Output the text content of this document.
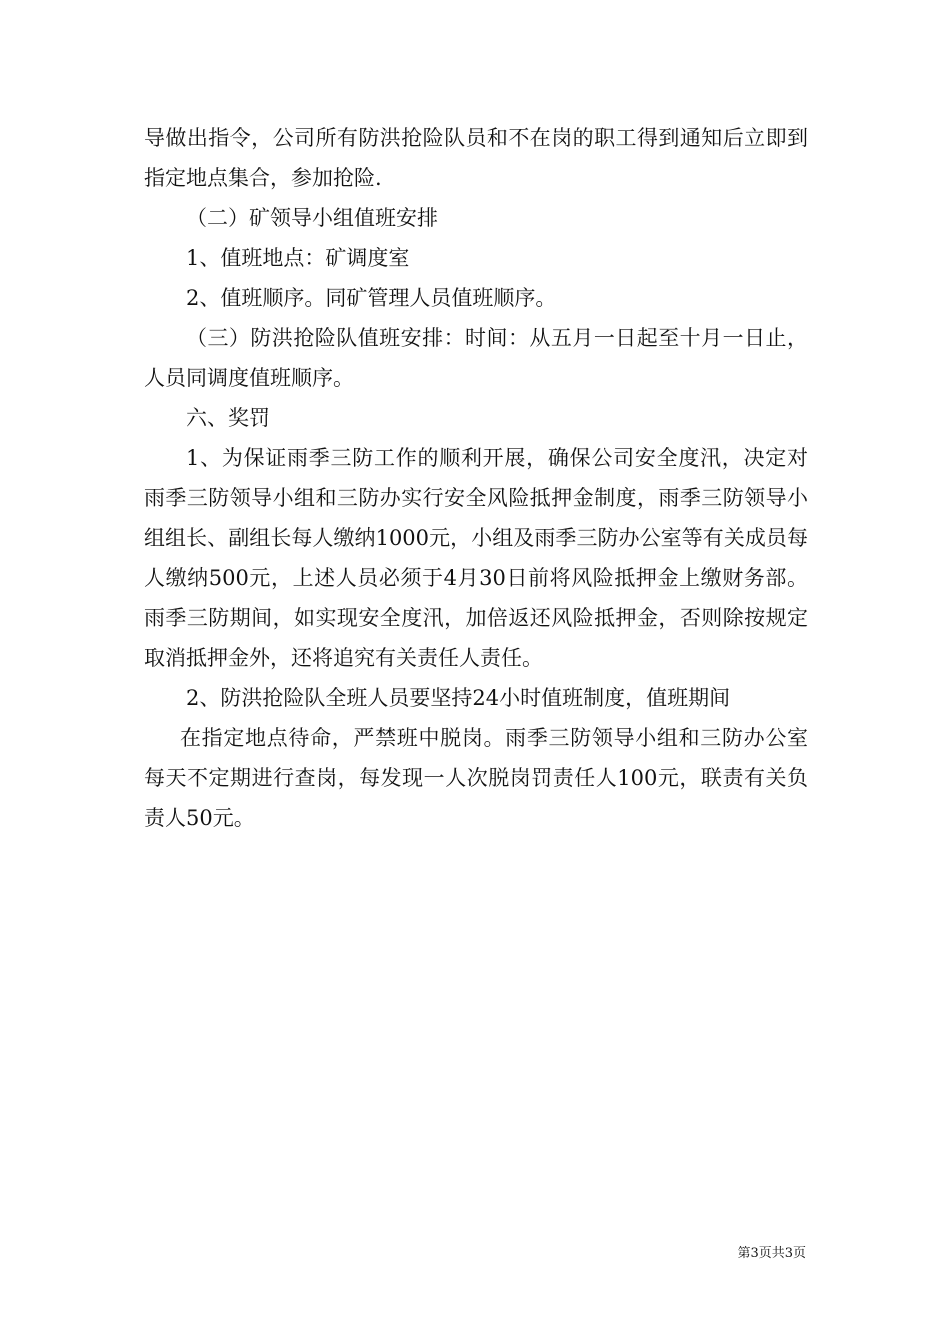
导做出指令，公司所有防洪抢险队员和不在岗的职工得到通知后立即到指定地点集合，参加抢险.

（二）矿领导小组值班安排

1、值班地点：矿调度室

2、值班顺序。同矿管理人员值班顺序。

（三）防洪抢险队值班安排：时间：从五月一日起至十月一日止，人员同调度值班顺序。

六、奖罚

1、为保证雨季三防工作的顺利开展，确保公司安全度汛，决定对雨季三防领导小组和三防办实行安全风险抵押金制度，雨季三防领导小组组长、副组长每人缴纳1000元，小组及雨季三防办公室等有关成员每人缴纳500元，上述人员必须于4月30日前将风险抵押金上缴财务部。雨季三防期间，如实现安全度汛，加倍返还风险抵押金，否则除按规定取消抵押金外，还将追究有关责任人责任。

2、防洪抢险队全班人员要坚持24小时值班制度，值班期间

在指定地点待命，严禁班中脱岗。雨季三防领导小组和三防办公室每天不定期进行查岗，每发现一人次脱岗罚责任人100元，联责有关负责人50元。

第3页共3页
